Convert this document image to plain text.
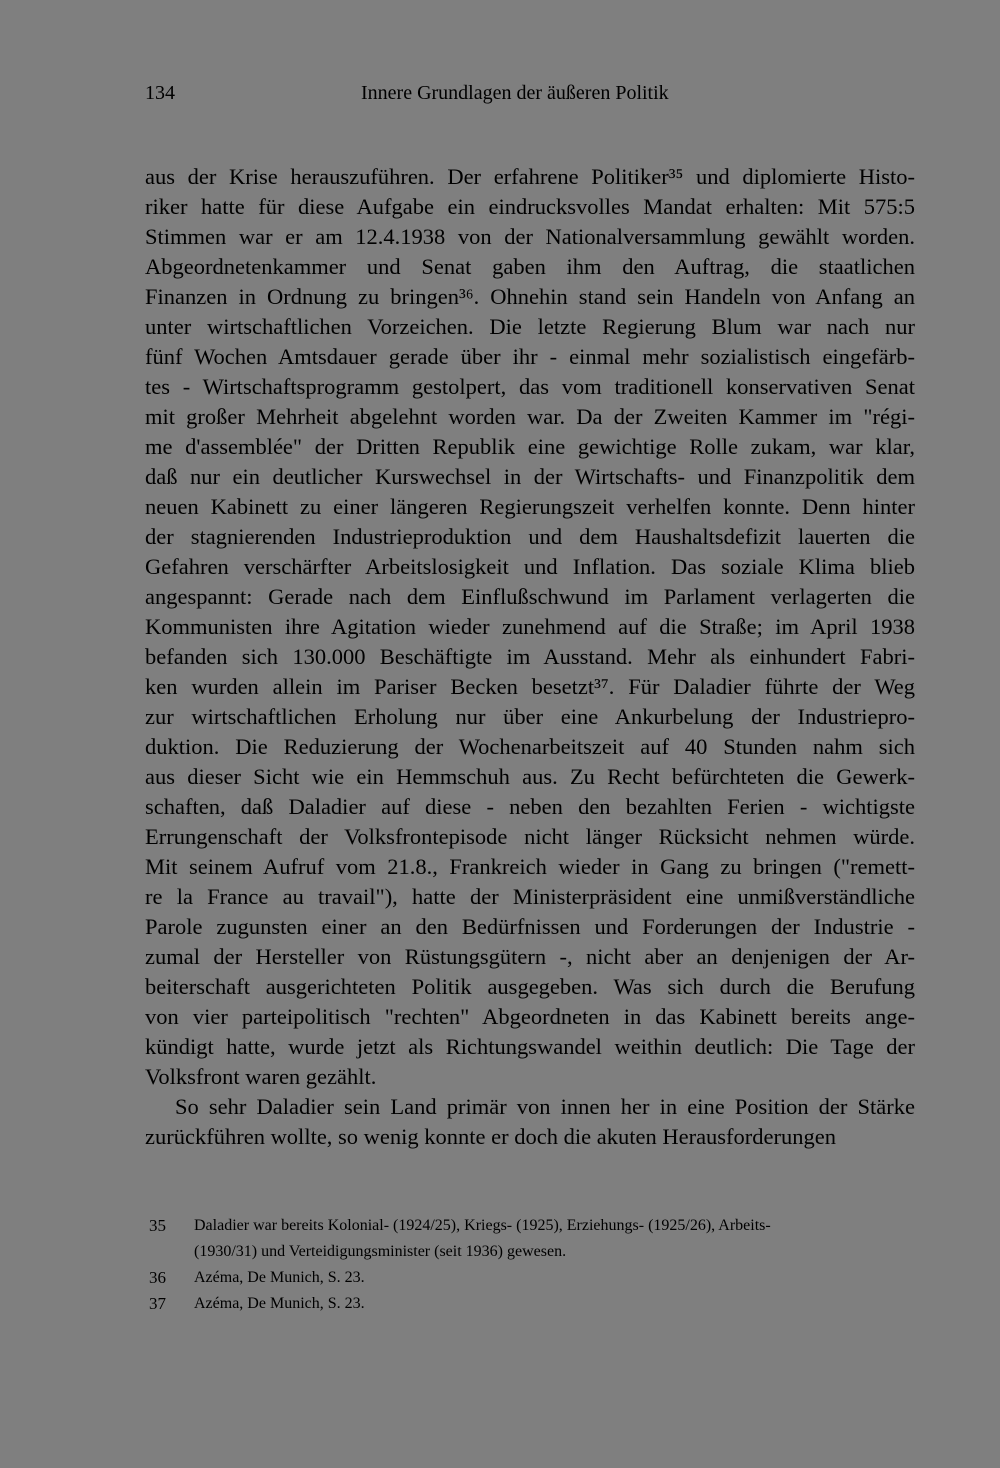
134	Innere Grundlagen der äußeren Politik
aus der Krise herauszuführen. Der erfahrene Politiker³⁵ und diplomierte Histo-
riker hatte für diese Aufgabe ein eindrucksvolles Mandat erhalten: Mit 575:5
Stimmen war er am 12.4.1938 von der Nationalversammlung gewählt worden.
Abgeordnetenkammer und Senat gaben ihm den Auftrag, die staatlichen
Finanzen in Ordnung zu bringen³⁶. Ohnehin stand sein Handeln von Anfang an
unter wirtschaftlichen Vorzeichen. Die letzte Regierung Blum war nach nur
fünf Wochen Amtsdauer gerade über ihr - einmal mehr sozialistisch eingefärb-
tes - Wirtschaftsprogramm gestolpert, das vom traditionell konservativen Senat
mit großer Mehrheit abgelehnt worden war. Da der Zweiten Kammer im "régi-
me d'assemblée" der Dritten Republik eine gewichtige Rolle zukam, war klar,
daß nur ein deutlicher Kurswechsel in der Wirtschafts- und Finanzpolitik dem
neuen Kabinett zu einer längeren Regierungszeit verhelfen konnte. Denn hinter
der stagnierenden Industrieproduktion und dem Haushaltsdefizit lauerten die
Gefahren verschärfter Arbeitslosigkeit und Inflation. Das soziale Klima blieb
angespannt: Gerade nach dem Einflußschwund im Parlament verlagerten die
Kommunisten ihre Agitation wieder zunehmend auf die Straße; im April 1938
befanden sich 130.000 Beschäftigte im Ausstand. Mehr als einhundert Fabri-
ken wurden allein im Pariser Becken besetzt³⁷. Für Daladier führte der Weg
zur wirtschaftlichen Erholung nur über eine Ankurbelung der Industriepro-
duktion. Die Reduzierung der Wochenarbeitszeit auf 40 Stunden nahm sich
aus dieser Sicht wie ein Hemmschuh aus. Zu Recht befürchteten die Gewerk-
schaften, daß Daladier auf diese - neben den bezahlten Ferien - wichtigste
Errungenschaft der Volksfrontepisode nicht länger Rücksicht nehmen würde.
Mit seinem Aufruf vom 21.8., Frankreich wieder in Gang zu bringen ("remett-
re la France au travail"), hatte der Ministerpräsident eine unmißverständliche
Parole zugunsten einer an den Bedürfnissen und Forderungen der Industrie -
zumal der Hersteller von Rüstungsgütern -, nicht aber an denjenigen der Ar-
beiterschaft ausgerichteten Politik ausgegeben. Was sich durch die Berufung
von vier parteipolitisch "rechten" Abgeordneten in das Kabinett bereits ange-
kündigt hatte, wurde jetzt als Richtungswandel weithin deutlich: Die Tage der
Volksfront waren gezählt.
So sehr Daladier sein Land primär von innen her in eine Position der Stärke
zurückführen wollte, so wenig konnte er doch die akuten Herausforderungen
35 Daladier war bereits Kolonial- (1924/25), Kriegs- (1925), Erziehungs- (1925/26), Arbeits-
(1930/31) und Verteidigungsminister (seit 1936) gewesen.
36 Azéma, De Munich, S. 23.
37 Azéma, De Munich, S. 23.
